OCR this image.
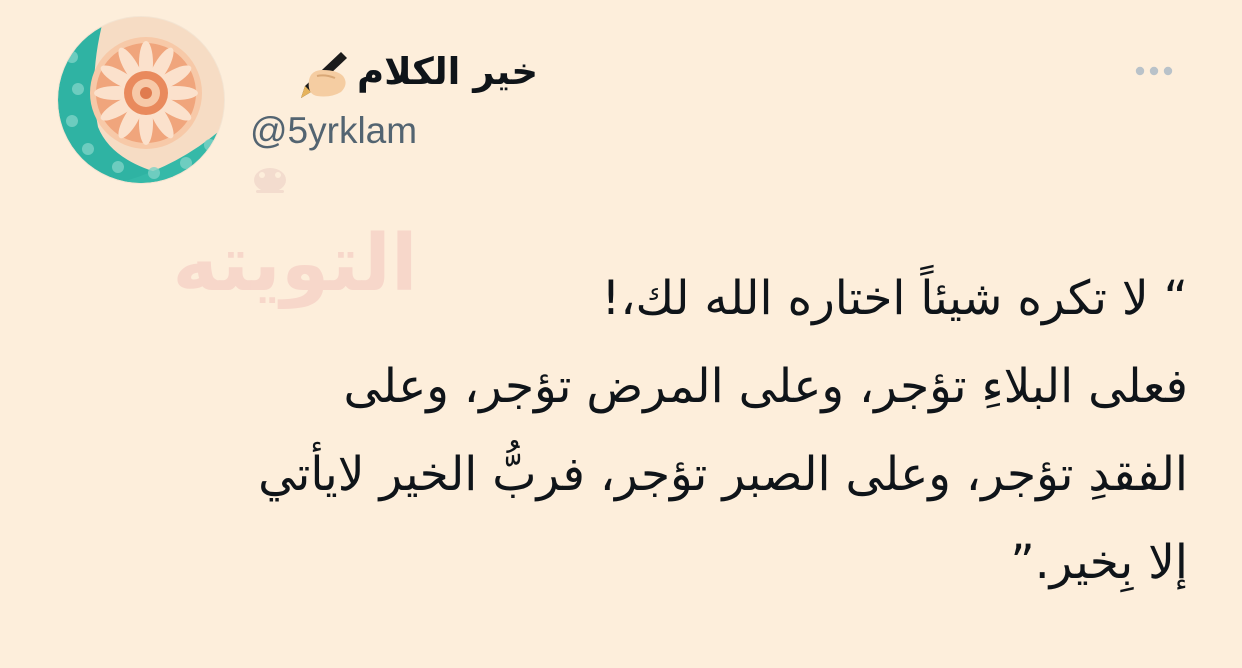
التويته
خير الكلام
@5yrklam
“ لا تكره شيئاً اختاره الله لك،!
فعلى البلاءِ تؤجر، وعلى المرض تؤجر، وعلى
الفقدِ تؤجر، وعلى الصبر تؤجر، فربُّ الخير لايأتي
إلا بِخير.”
